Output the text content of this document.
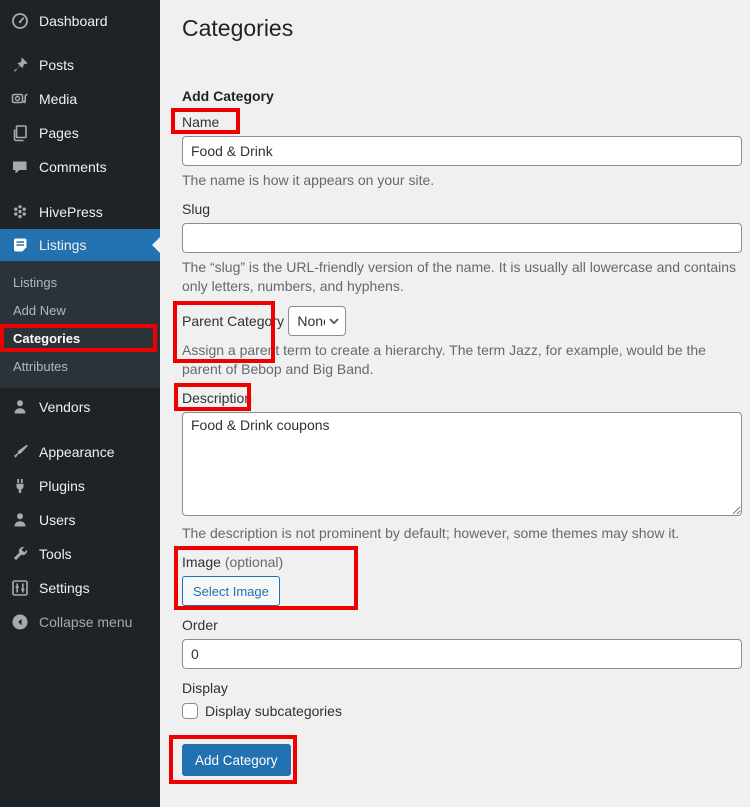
Dashboard
Posts
Media
Pages
Comments
HivePress
Listings
Listings
Add New
Categories
Attributes
Vendors
Appearance
Plugins
Users
Tools
Settings
Collapse menu
Categories
Add Category
Name
Food & Drink

The name is how it appears on your site.

Slug

The “slug” is the URL-friendly version of the name. It is usually all lowercase and contains only letters, numbers, and hyphens.

Parent Category
None

Assign a parent term to create a hierarchy. The term Jazz, for example, would be the parent of Bebop and Big Band.

Description
Food & Drink coupons

The description is not prominent by default; however, some themes may show it.

Image (optional)
Select Image
Order
0
Display
Display subcategories
Add Category
